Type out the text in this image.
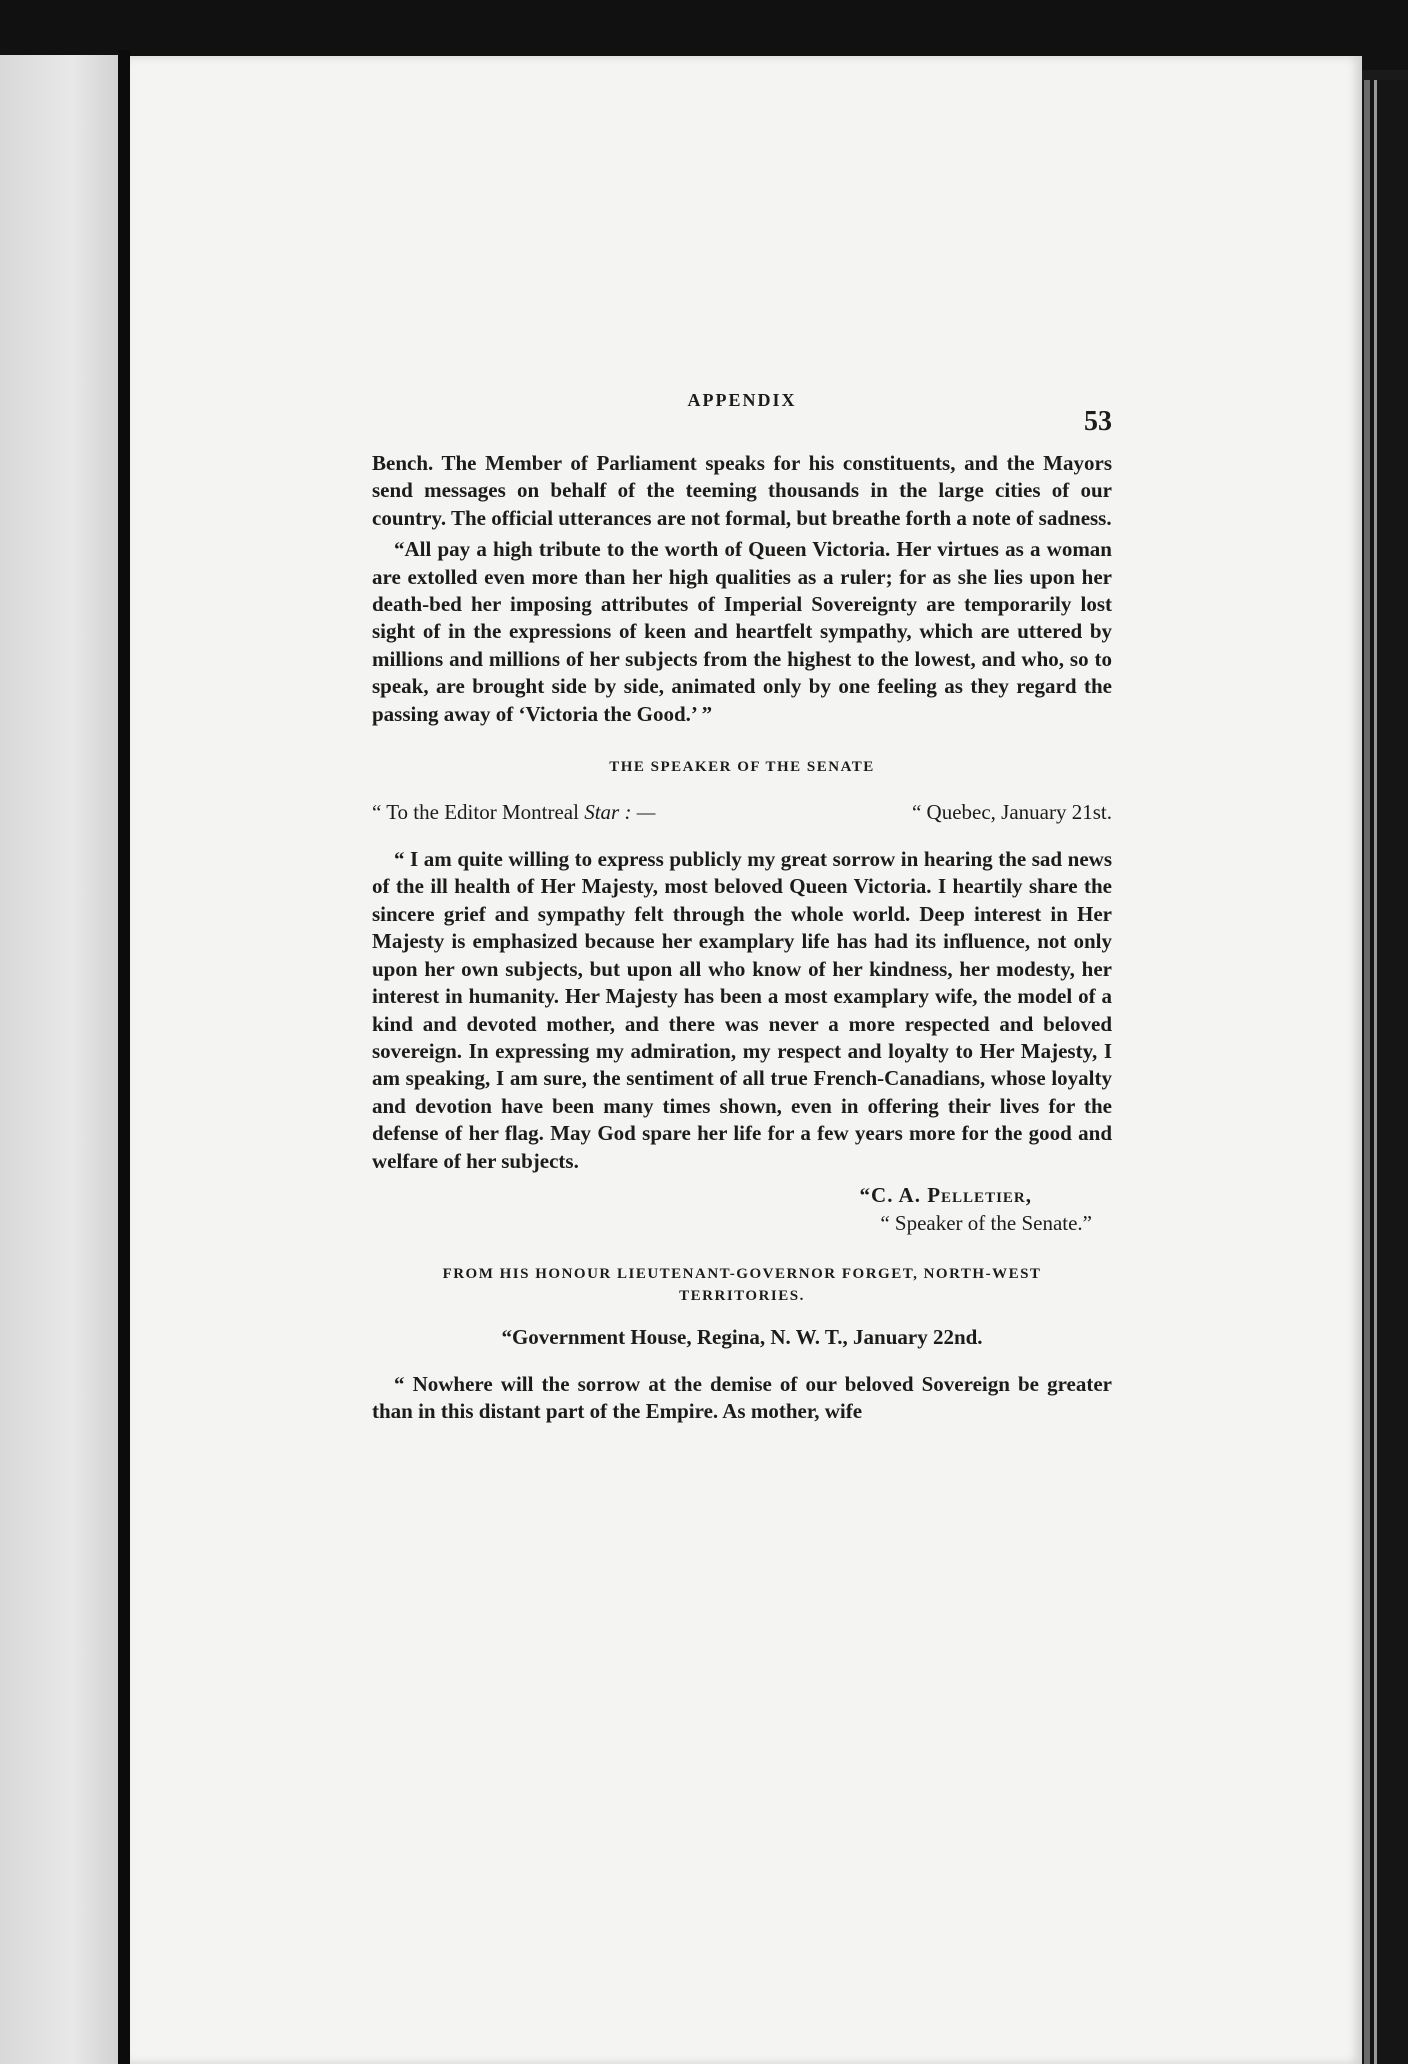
APPENDIX
53

Bench. The Member of Parliament speaks for his constituents, and the Mayors send messages on behalf of the teeming thousands in the large cities of our country. The official utterances are not formal, but breathe forth a note of sadness.

“All pay a high tribute to the worth of Queen Victoria. Her virtues as a woman are extolled even more than her high qualities as a ruler; for as she lies upon her death-bed her imposing attributes of Imperial Sovereignty are temporarily lost sight of in the expressions of keen and heartfelt sympathy, which are uttered by millions and millions of her subjects from the highest to the lowest, and who, so to speak, are brought side by side, animated only by one feeling as they regard the passing away of ‘Victoria the Good.’ ”

THE SPEAKER OF THE SENATE
“ To the Editor Montreal Star : —	“ Quebec, January 21st.

“ I am quite willing to express publicly my great sorrow in hearing the sad news of the ill health of Her Majesty, most beloved Queen Victoria. I heartily share the sincere grief and sympathy felt through the whole world. Deep interest in Her Majesty is emphasized because her examplary life has had its influence, not only upon her own subjects, but upon all who know of her kindness, her modesty, her interest in humanity. Her Majesty has been a most examplary wife, the model of a kind and devoted mother, and there was never a more respected and beloved sovereign. In expressing my admiration, my respect and loyalty to Her Majesty, I am speaking, I am sure, the sentiment of all true French-Canadians, whose loyalty and devotion have been many times shown, even in offering their lives for the defense of her flag. May God spare her life for a few years more for the good and welfare of her subjects.

“C. A. Pelletier,
“ Speaker of the Senate.”
FROM HIS HONOUR LIEUTENANT-GOVERNOR FORGET, NORTH-WEST
TERRITORIES.
“Government House, Regina, N. W. T., January 22nd.

“ Nowhere will the sorrow at the demise of our beloved Sovereign be greater than in this distant part of the Empire. As mother, wife
